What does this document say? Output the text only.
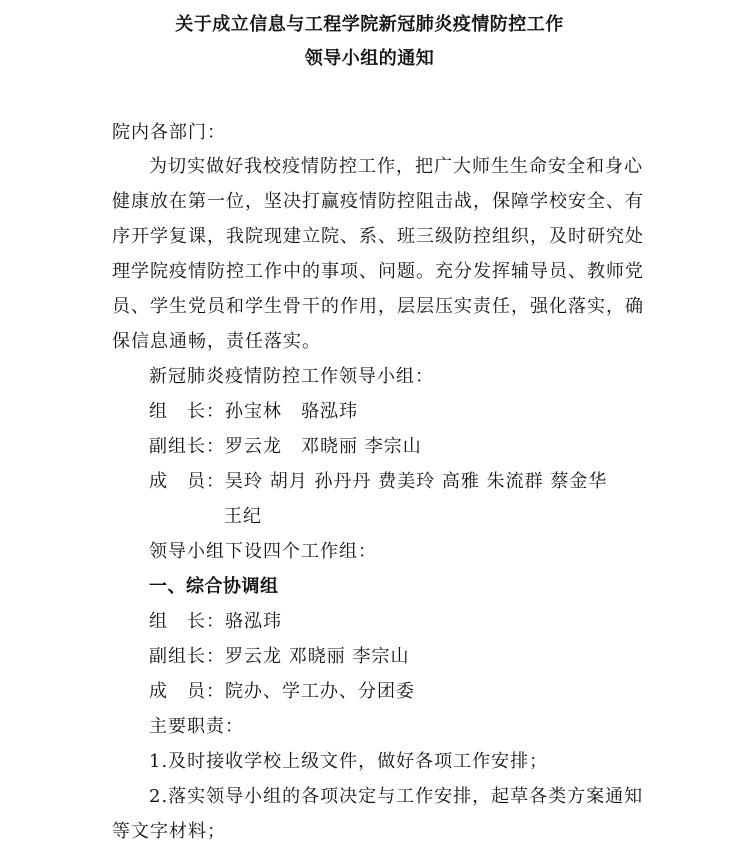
关于成立信息与工程学院新冠肺炎疫情防控工作
领导小组的通知
院内各部门：
为切实做好我校疫情防控工作，把广大师生生命安全和身心
健康放在第一位，坚决打赢疫情防控阻击战，保障学校安全、有
序开学复课，我院现建立院、系、班三级防控组织，及时研究处
理学院疫情防控工作中的事项、问题。充分发挥辅导员、教师党
员、学生党员和学生骨干的作用，层层压实责任，强化落实，确
保信息通畅，责任落实。
新冠肺炎疫情防控工作领导小组：
组　长：孙宝林　骆泓玮
副组长：罗云龙　邓晓丽 李宗山
成　员：吴玲 胡月 孙丹丹 费美玲 高雅 朱流群 蔡金华
王纪
领导小组下设四个工作组：
一、综合协调组
组　长：骆泓玮
副组长：罗云龙 邓晓丽 李宗山
成　员：院办、学工办、分团委
主要职责：
1.及时接收学校上级文件，做好各项工作安排；
2.落实领导小组的各项决定与工作安排，起草各类方案通知
等文字材料；
